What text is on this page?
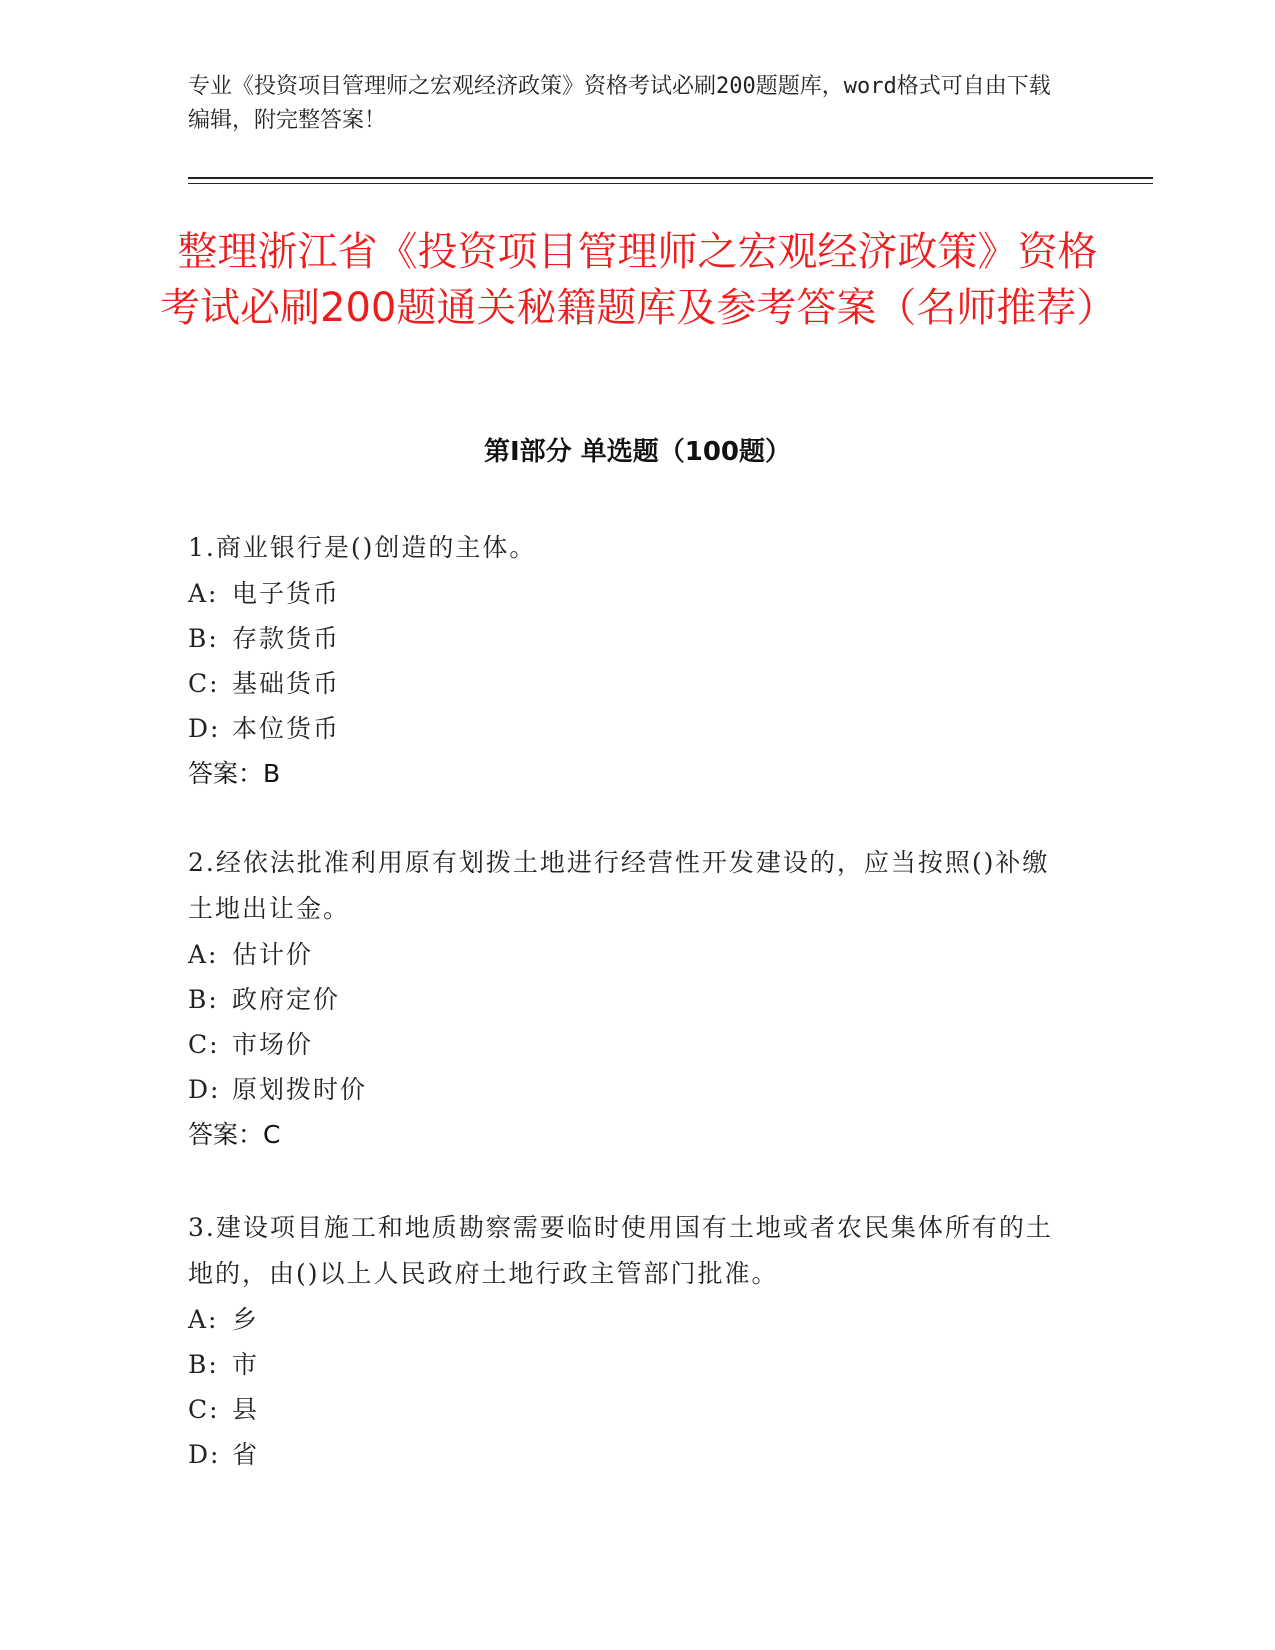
专业《投资项目管理师之宏观经济政策》资格考试必刷200题题库，word格式可自由下载编辑，附完整答案！
整理浙江省《投资项目管理师之宏观经济政策》资格考试必刷200题通关秘籍题库及参考答案（名师推荐）
第I部分 单选题（100题）

1.商业银行是()创造的主体。

A: 电子货币
B: 存款货币
C: 基础货币
D: 本位货币

答案：B

2.经依法批准利用原有划拨土地进行经营性开发建设的，应当按照()补缴土地出让金。

A: 估计价
B: 政府定价
C: 市场价
D: 原划拨时价

答案：C

3.建设项目施工和地质勘察需要临时使用国有土地或者农民集体所有的土地的，由()以上人民政府土地行政主管部门批准。

A: 乡
B: 市
C: 县
D: 省
